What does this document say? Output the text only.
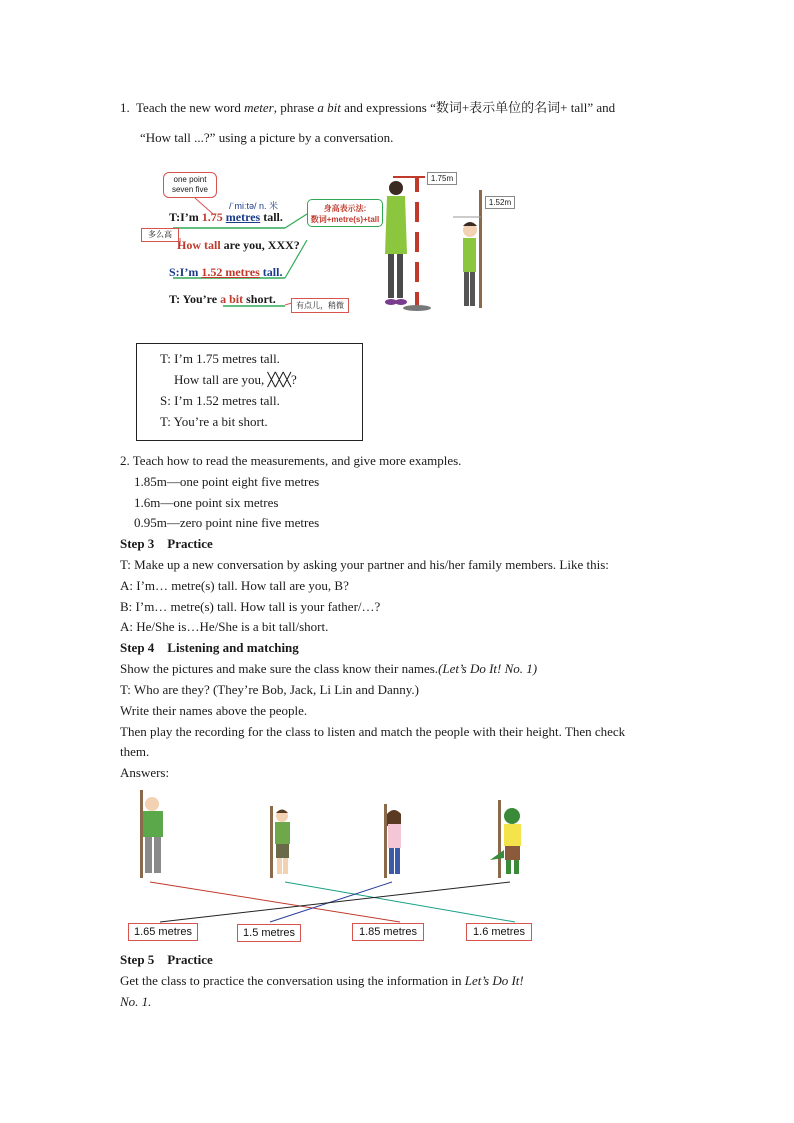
1. Teach the new word meter, phrase a bit and expressions “数词+表示单位的名词+ tall” and
“How tall ...?” using a picture by a conversation.
one point
seven five
/ˈmiːtə/ n. 米
T:I’m 1.75 metres tall.
多么高
How tall are you, XXX?
S:I’m 1.52 metres tall.
T: You’re a bit short.
身高表示法:
数词+metre(s)+tall
有点儿，稍微
1.75m
1.52m
T: I’m 1.75 metres tall.
How tall are you, ╳╳╳?
S: I’m 1.52 metres tall.
T: You’re a bit short.
2. Teach how to read the measurements, and give more examples.
1.85m—one point eight five metres
1.6m—one point six metres
0.95m—zero point nine five metres
Step 3    Practice
T: Make up a new conversation by asking your partner and his/her family members. Like this:
A: I’m… metre(s) tall. How tall are you, B?
B: I’m… metre(s) tall. How tall is your father/…?
A: He/She is…He/She is a bit tall/short.
Step 4    Listening and matching
Show the pictures and make sure the class know their names.(Let’s Do It! No. 1)
T: Who are they? (They’re Bob, Jack, Li Lin and Danny.)
Write their names above the people.
Then play the recording for the class to listen and match the people with their height. Then check
them.
Answers:
1.65 metres	1.5 metres	1.85 metres	1.6 metres
Step 5    Practice
Get the class to practice the conversation using the information in Let’s Do It!
No. 1.
